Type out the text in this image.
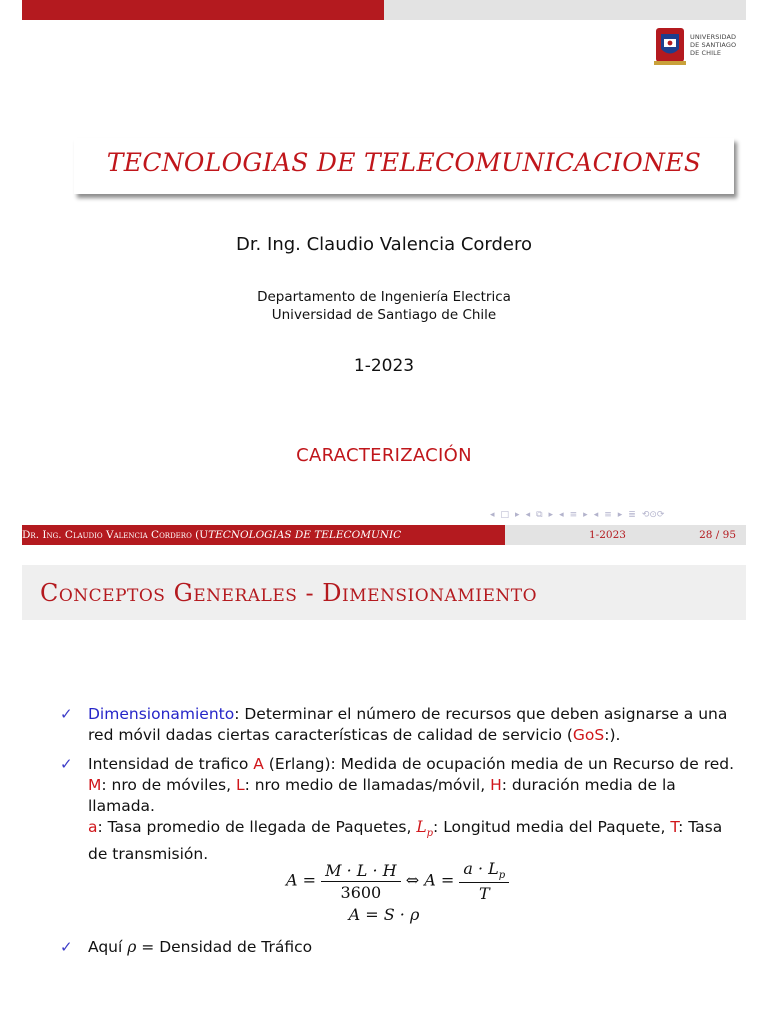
UNIVERSIDAD
DE SANTIAGO
DE CHILE
TECNOLOGIAS DE TELECOMUNICACIONES
Dr. Ing. Claudio Valencia Cordero
Departamento de Ingeniería Electrica
Universidad de Santiago de Chile
1-2023
CARACTERIZACIÓN
◂ □ ▸ ◂ ⧉ ▸ ◂ ≡ ▸ ◂ ≡ ▸ ≣ ⟲⊙⟳
Dr. Ing. Claudio Valencia Cordero (UTECNOLOGIAS DE TELECOMUNIC	1-2023	28 / 95
Conceptos Generales - Dimensionamiento
✓ Dimensionamiento: Determinar el número de recursos que deben asignarse a una red móvil dadas ciertas características de calidad de servicio (GoS:).
✓ Intensidad de trafico A (Erlang): Medida de ocupación media de un Recurso de red.
M: nro de móviles, L: nro medio de llamadas/móvil, H: duración media de la llamada.
a: Tasa promedio de llegada de Paquetes, $L_p$: Longitud media del Paquete, T: Tasa de transmisión.
$A = \frac{M \cdot L \cdot H}{3600}$ ⇔ $A = \frac{a \cdot L_p}{T}$
A = S · ρ
✓ Aquí ρ = Densidad de Tráfico
